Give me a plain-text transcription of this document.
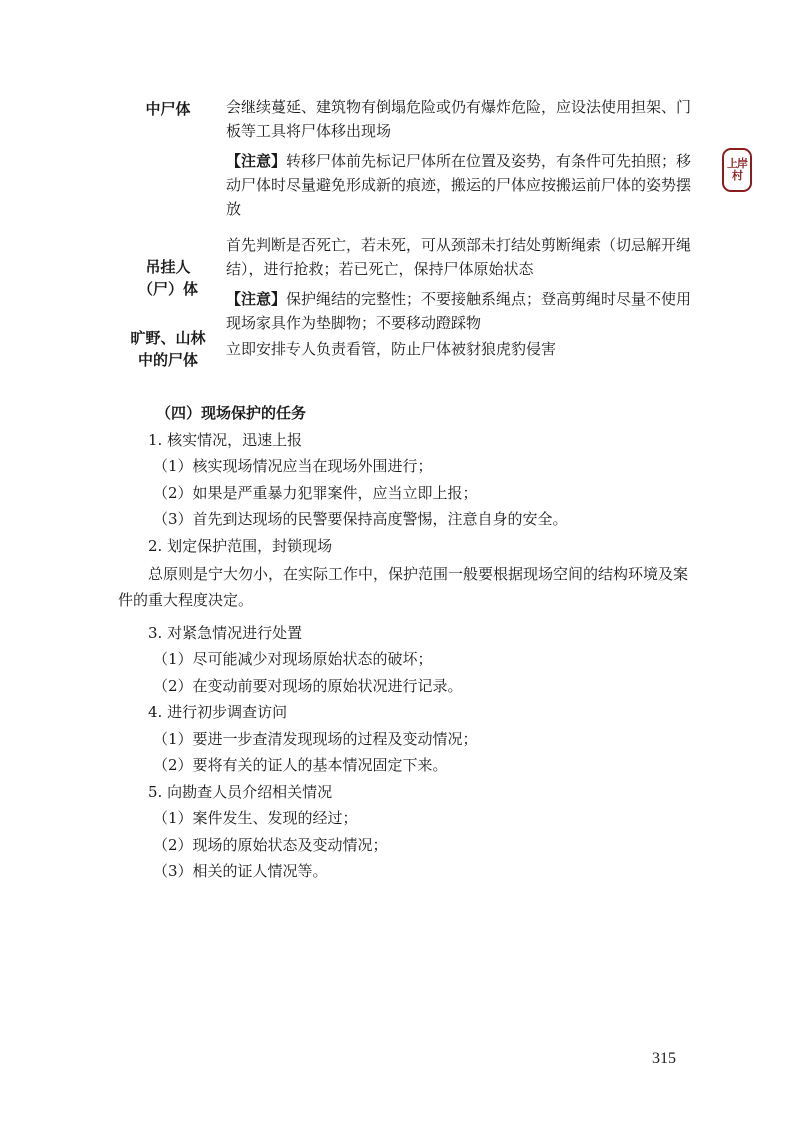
上岸村
中尸体 会继续蔓延、建筑物有倒塌危险或仍有爆炸危险，应设法使用担架、门板等工具将尸体移出现场

【注意】转移尸体前先标记尸体所在位置及姿势，有条件可先拍照；移动尸体时尽量避免形成新的痕迹，搬运的尸体应按搬运前尸体的姿势摆放

吊挂人
（尸）体

首先判断是否死亡，若未死，可从颈部未打结处剪断绳索（切忌解开绳结），进行抢救；若已死亡，保持尸体原始状态

【注意】保护绳结的完整性；不要接触系绳点；登高剪绳时尽量不使用现场家具作为垫脚物；不要移动蹬踩物

旷野、山林
中的尸体

立即安排专人负责看管，防止尸体被豺狼虎豹侵害

（四）现场保护的任务

1. 核实情况，迅速上报

（1）核实现场情况应当在现场外围进行；

（2）如果是严重暴力犯罪案件，应当立即上报；

（3）首先到达现场的民警要保持高度警惕，注意自身的安全。

2. 划定保护范围，封锁现场

总原则是宁大勿小，在实际工作中，保护范围一般要根据现场空间的结构环境及案件的重大程度决定。

3. 对紧急情况进行处置

（1）尽可能减少对现场原始状态的破坏；

（2）在变动前要对现场的原始状况进行记录。

4. 进行初步调查访问

（1）要进一步查清发现现场的过程及变动情况；

（2）要将有关的证人的基本情况固定下来。

5. 向勘查人员介绍相关情况

（1）案件发生、发现的经过；

（2）现场的原始状态及变动情况；

（3）相关的证人情况等。

315
